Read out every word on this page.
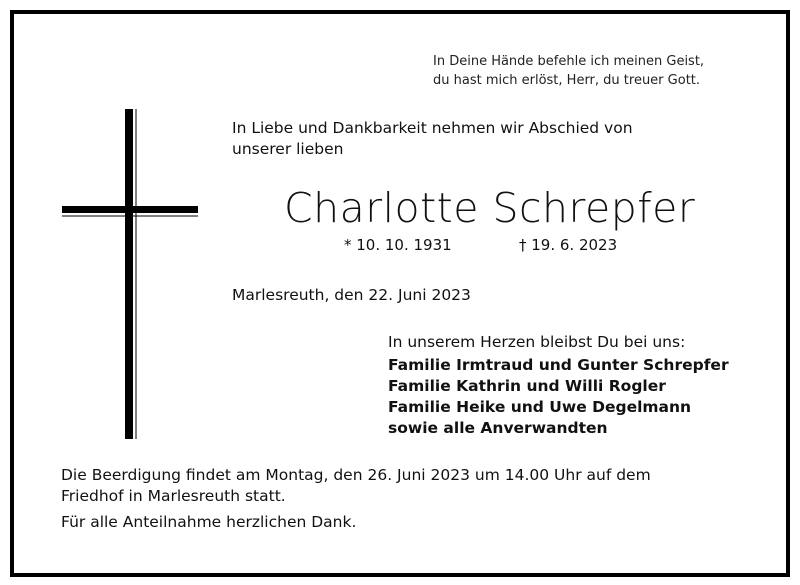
In Deine Hände befehle ich meinen Geist,
du hast mich erlöst, Herr, du treuer Gott.
In Liebe und Dankbarkeit nehmen wir Abschied von
unserer lieben
Charlotte Schrepfer
* 10. 10. 1931	† 19. 6. 2023
Marlesreuth, den 22. Juni 2023
In unserem Herzen bleibst Du bei uns:
Familie Irmtraud und Gunter Schrepfer
Familie Kathrin und Willi Rogler
Familie Heike und Uwe Degelmann
sowie alle Anverwandten
Die Beerdigung findet am Montag, den 26. Juni 2023 um 14.00 Uhr auf dem
Friedhof in Marlesreuth statt.
Für alle Anteilnahme herzlichen Dank.
